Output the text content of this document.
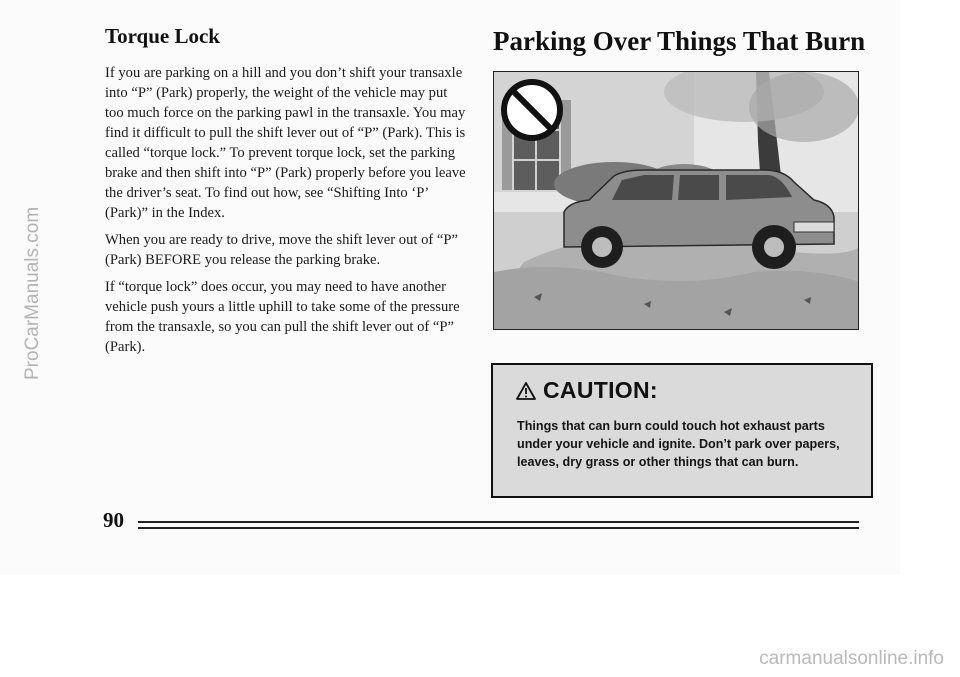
Torque Lock

If you are parking on a hill and you don’t shift your transaxle into “P” (Park) properly, the weight of the vehicle may put too much force on the parking pawl in the transaxle. You may find it difficult to pull the shift lever out of “P” (Park). This is called “torque lock.” To prevent torque lock, set the parking brake and then shift into “P” (Park) properly before you leave the driver’s seat. To find out how, see “Shifting Into ‘P’ (Park)” in the Index.

When you are ready to drive, move the shift lever out of “P” (Park) BEFORE you release the parking brake.

If “torque lock” does occur, you may need to have another vehicle push yours a little uphill to take some of the pressure from the transaxle, so you can pull the shift lever out of “P” (Park).

Parking Over Things That Burn
CAUTION:
Things that can burn could touch hot exhaust parts under your vehicle and ignite. Don’t park over papers, leaves, dry grass or other things that can burn.
90
ProCarManuals.com
carmanualsonline.info
